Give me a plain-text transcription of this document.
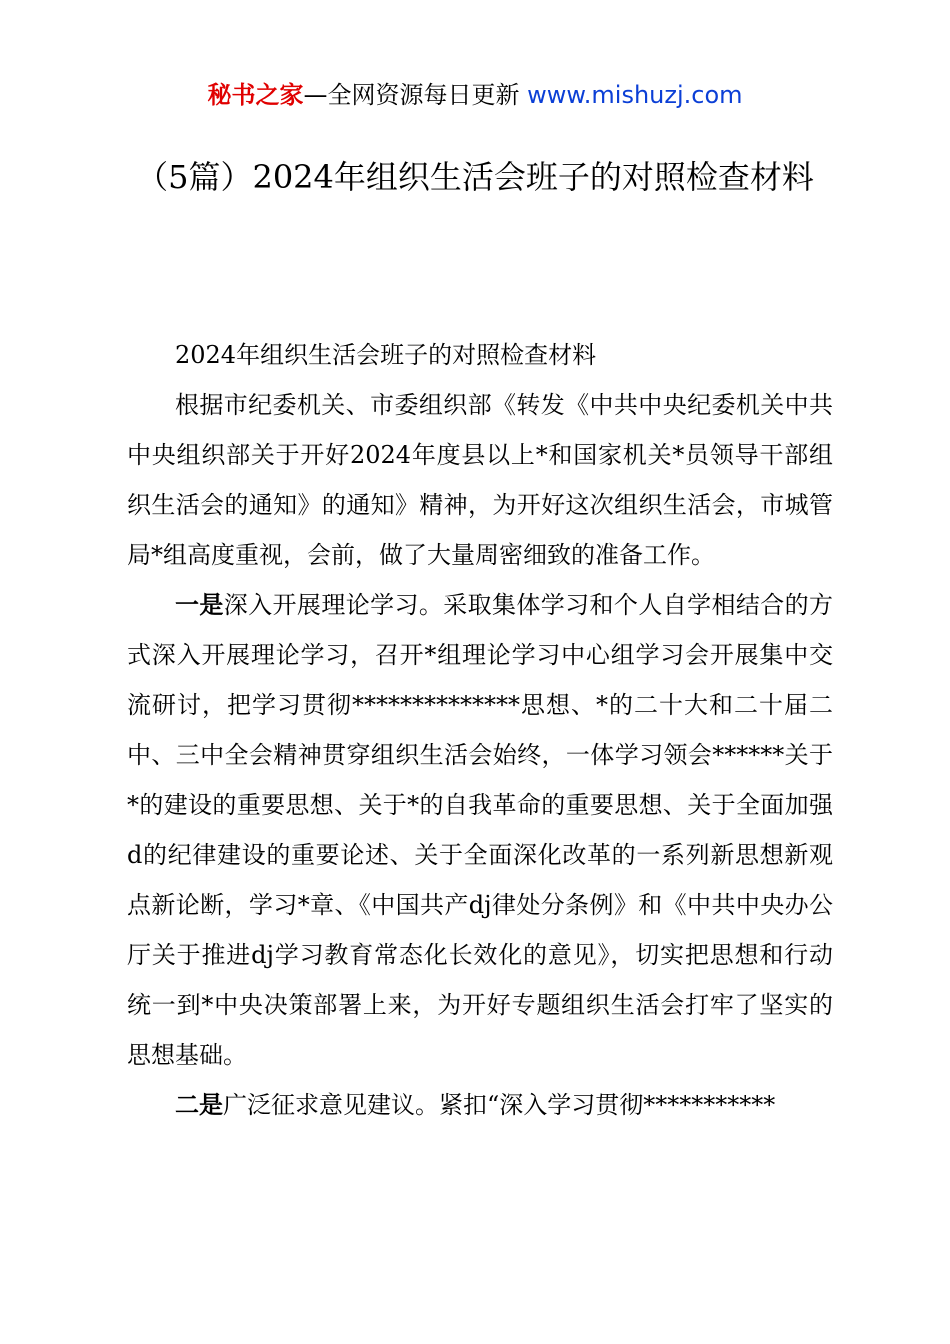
秘书之家—全网资源每日更新 www.mishuzj.com
（5篇）2024年组织生活会班子的对照检查材料

2024年组织生活会班子的对照检查材料

根据市纪委机关、市委组织部《转发《中共中央纪委机关中共中央组织部关于开好2024年度县以上*和国家机关*员领导干部组织生活会的通知》的通知》精神，为开好这次组织生活会，市城管局*组高度重视，会前，做了大量周密细致的准备工作。

一是深入开展理论学习。采取集体学习和个人自学相结合的方式深入开展理论学习，召开*组理论学习中心组学习会开展集中交流研讨，把学习贯彻**************思想、*的二十大和二十届二中、三中全会精神贯穿组织生活会始终，一体学习领会******关于*的建设的重要思想、关于*的自我革命的重要思想、关于全面加强d的纪律建设的重要论述、关于全面深化改革的一系列新思想新观点新论断，学习*章、《中国共产dj律处分条例》和《中共中央办公厅关于推进dj学习教育常态化长效化的意见》，切实把思想和行动统一到*中央决策部署上来，为开好专题组织生活会打牢了坚实的思想基础。

二是广泛征求意见建议。紧扣“深入学习贯彻***********
